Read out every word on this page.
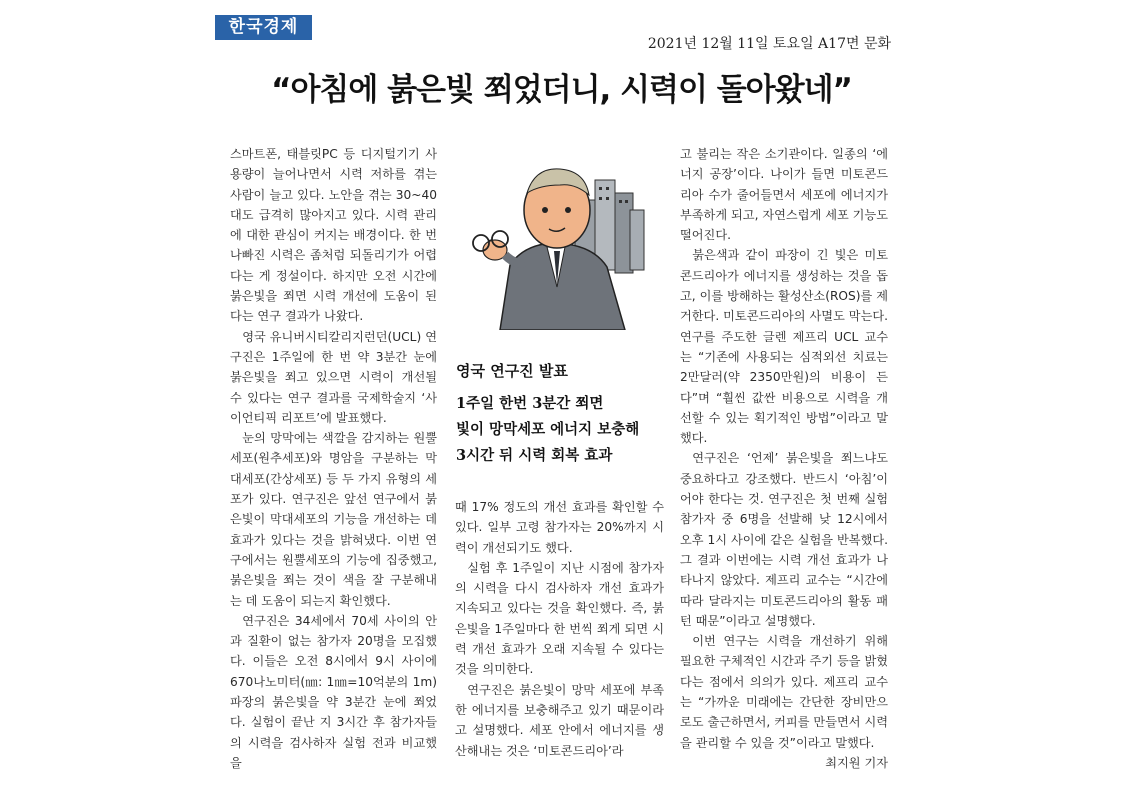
한국경제
2021년 12월 11일 토요일 A17면 문화
“아침에 붉은빛 쬐었더니, 시력이 돌아왔네”

스마트폰, 태블릿PC 등 디지털기기 사용량이 늘어나면서 시력 저하를 겪는 사람이 늘고 있다. 노안을 겪는 30~40대도 급격히 많아지고 있다. 시력 관리에 대한 관심이 커지는 배경이다. 한 번 나빠진 시력은 좀처럼 되돌리기가 어렵다는 게 정설이다. 하지만 오전 시간에 붉은빛을 쬐면 시력 개선에 도움이 된다는 연구 결과가 나왔다.

영국 유니버시티칼리지런던(UCL) 연구진은 1주일에 한 번 약 3분간 눈에 붉은빛을 쬐고 있으면 시력이 개선될 수 있다는 연구 결과를 국제학술지 ‘사이언티픽 리포트’에 발표했다.

눈의 망막에는 색깔을 감지하는 원뿔세포(원추세포)와 명암을 구분하는 막대세포(간상세포) 등 두 가지 유형의 세포가 있다. 연구진은 앞선 연구에서 붉은빛이 막대세포의 기능을 개선하는 데 효과가 있다는 것을 밝혀냈다. 이번 연구에서는 원뿔세포의 기능에 집중했고, 붉은빛을 쬐는 것이 색을 잘 구분해내는 데 도움이 되는지 확인했다.

연구진은 34세에서 70세 사이의 안과 질환이 없는 참가자 20명을 모집했다. 이들은 오전 8시에서 9시 사이에 670나노미터(㎚: 1㎚=10억분의 1m) 파장의 붉은빛을 약 3분간 눈에 쬐었다. 실험이 끝난 지 3시간 후 참가자들의 시력을 검사하자 실험 전과 비교했을

영국 연구진 발표
1주일 한번 3분간 쬐면
빛이 망막세포 에너지 보충해
3시간 뒤 시력 회복 효과

때 17% 정도의 개선 효과를 확인할 수 있다. 일부 고령 참가자는 20%까지 시력이 개선되기도 했다.

실험 후 1주일이 지난 시점에 참가자의 시력을 다시 검사하자 개선 효과가 지속되고 있다는 것을 확인했다. 즉, 붉은빛을 1주일마다 한 번씩 쬐게 되면 시력 개선 효과가 오래 지속될 수 있다는 것을 의미한다.

연구진은 붉은빛이 망막 세포에 부족한 에너지를 보충해주고 있기 때문이라고 설명했다. 세포 안에서 에너지를 생산해내는 것은 ‘미토콘드리아’라

고 불리는 작은 소기관이다. 일종의 ‘에너지 공장’이다. 나이가 들면 미토콘드리아 수가 줄어들면서 세포에 에너지가 부족하게 되고, 자연스럽게 세포 기능도 떨어진다.

붉은색과 같이 파장이 긴 빛은 미토콘드리아가 에너지를 생성하는 것을 돕고, 이를 방해하는 활성산소(ROS)를 제거한다. 미토콘드리아의 사멸도 막는다. 연구를 주도한 글렌 제프리 UCL 교수는 “기존에 사용되는 심적외선 치료는 2만달러(약 2350만원)의 비용이 든다”며 “훨씬 값싼 비용으로 시력을 개선할 수 있는 획기적인 방법”이라고 말했다.

연구진은 ‘언제’ 붉은빛을 쬐느냐도 중요하다고 강조했다. 반드시 ‘아침’이어야 한다는 것. 연구진은 첫 번째 실험 참가자 중 6명을 선발해 낮 12시에서 오후 1시 사이에 같은 실험을 반복했다. 그 결과 이번에는 시력 개선 효과가 나타나지 않았다. 제프리 교수는 “시간에 따라 달라지는 미토콘드리아의 활동 패턴 때문”이라고 설명했다.

이번 연구는 시력을 개선하기 위해 필요한 구체적인 시간과 주기 등을 밝혔다는 점에서 의의가 있다. 제프리 교수는 “가까운 미래에는 간단한 장비만으로도 출근하면서, 커피를 만들면서 시력을 관리할 수 있을 것”이라고 말했다.

최지원 기자
